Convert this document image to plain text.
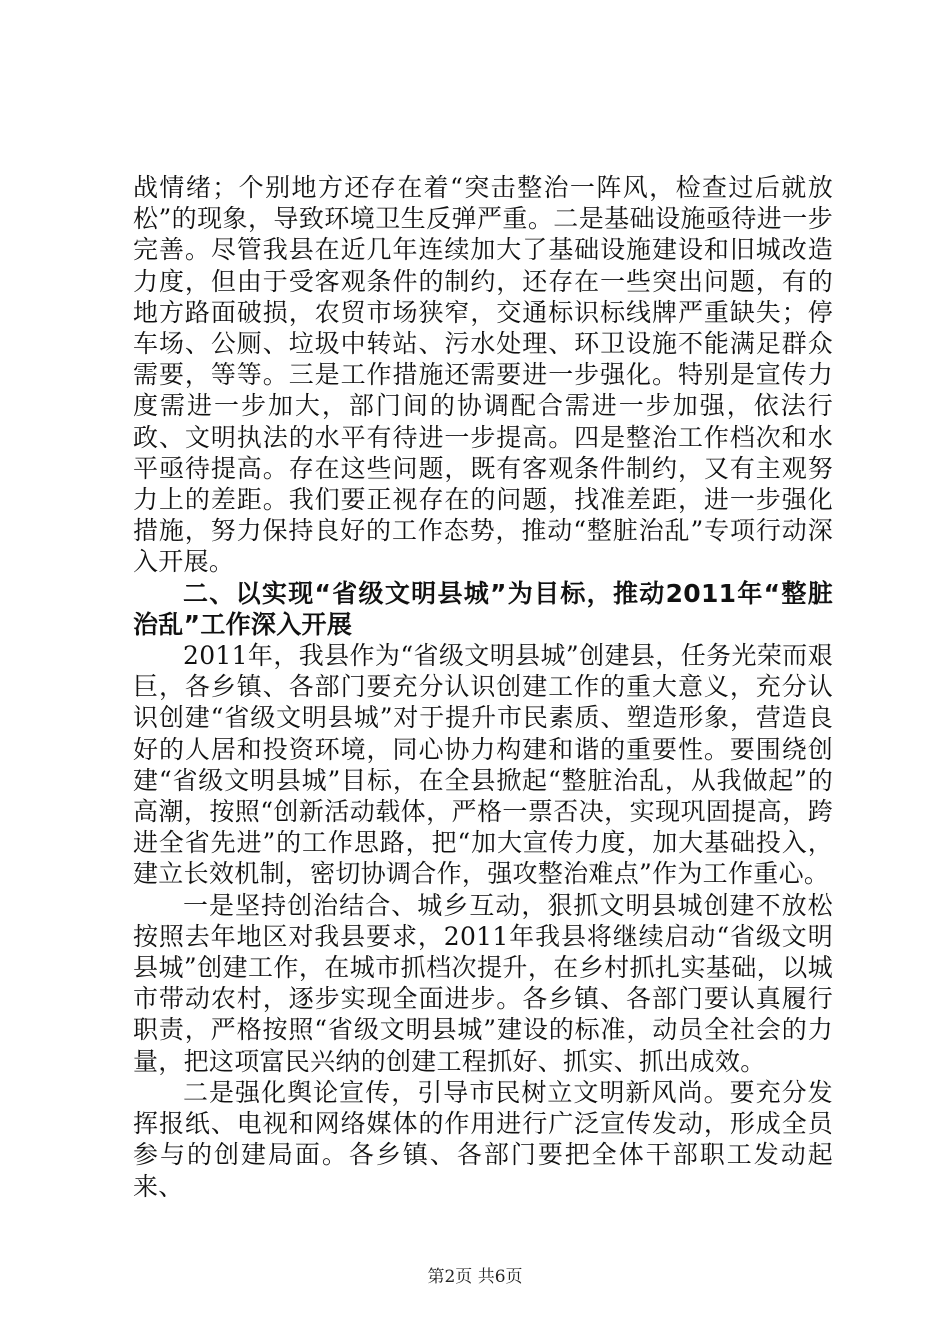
战情绪；个别地方还存在着“突击整治一阵风，检查过后就放松”的现象，导致环境卫生反弹严重。二是基础设施亟待进一步完善。尽管我县在近几年连续加大了基础设施建设和旧城改造力度，但由于受客观条件的制约，还存在一些突出问题，有的地方路面破损，农贸市场狭窄，交通标识标线牌严重缺失；停车场、公厕、垃圾中转站、污水处理、环卫设施不能满足群众需要，等等。三是工作措施还需要进一步强化。特别是宣传力度需进一步加大，部门间的协调配合需进一步加强，依法行政、文明执法的水平有待进一步提高。四是整治工作档次和水平亟待提高。存在这些问题，既有客观条件制约，又有主观努力上的差距。我们要正视存在的问题，找准差距，进一步强化措施，努力保持良好的工作态势，推动“整脏治乱”专项行动深入开展。

二、以实现“省级文明县城”为目标，推动2011年“整脏治乱”工作深入开展

2011年，我县作为“省级文明县城”创建县，任务光荣而艰巨，各乡镇、各部门要充分认识创建工作的重大意义，充分认识创建“省级文明县城”对于提升市民素质、塑造形象，营造良好的人居和投资环境，同心协力构建和谐的重要性。要围绕创建“省级文明县城”目标，在全县掀起“整脏治乱，从我做起”的高潮，按照“创新活动载体，严格一票否决，实现巩固提高，跨进全省先进”的工作思路，把“加大宣传力度，加大基础投入，建立长效机制，密切协调合作，强攻整治难点”作为工作重心。

一是坚持创治结合、城乡互动，狠抓文明县城创建不放松按照去年地区对我县要求，2011年我县将继续启动“省级文明县城”创建工作，在城市抓档次提升，在乡村抓扎实基础，以城市带动农村，逐步实现全面进步。各乡镇、各部门要认真履行职责，严格按照“省级文明县城”建设的标准，动员全社会的力量，把这项富民兴纳的创建工程抓好、抓实、抓出成效。

二是强化舆论宣传，引导市民树立文明新风尚。要充分发挥报纸、电视和网络媒体的作用进行广泛宣传发动，形成全员参与的创建局面。各乡镇、各部门要把全体干部职工发动起来、

第2页 共6页
